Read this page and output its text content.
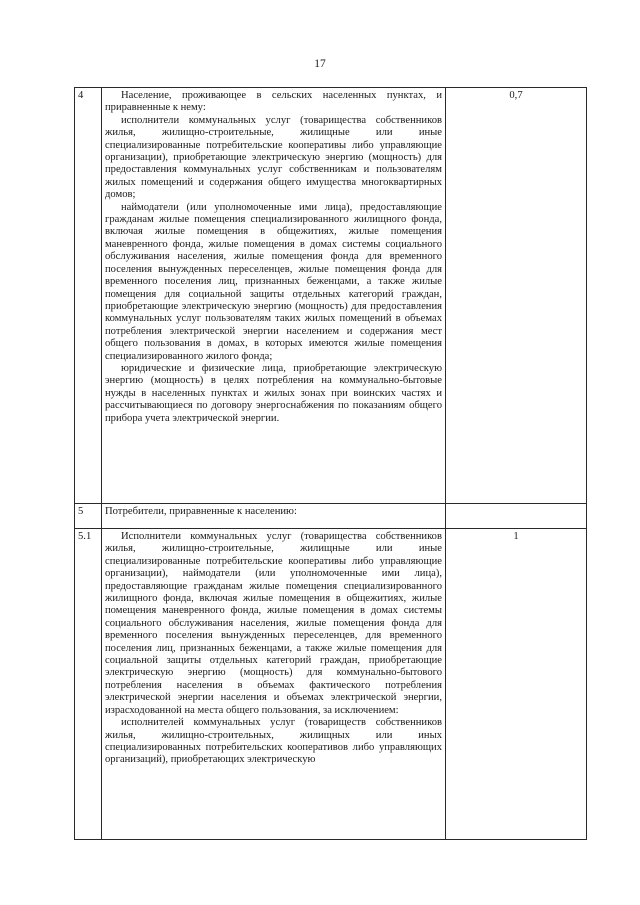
17
4	Население, проживающее в сельских населенных пунктах, и приравненные к нему:

исполнители коммунальных услуг (товарищества собственников жилья, жилищно-строительные, жилищные или иные специализированные потребительские кооперативы либо управляющие организации), приобретающие электрическую энергию (мощность) для предоставления коммунальных услуг собственникам и пользователям жилых помещений и содержания общего имущества многоквартирных домов;

наймодатели (или уполномоченные ими лица), предоставляющие гражданам жилые помещения специализированного жилищного фонда, включая жилые помещения в общежитиях, жилые помещения маневренного фонда, жилые помещения в домах системы социального обслуживания населения, жилые помещения фонда для временного поселения вынужденных переселенцев, жилые помещения фонда для временного поселения лиц, признанных беженцами, а также жилые помещения для социальной защиты отдельных категорий граждан, приобретающие электрическую энергию (мощность) для предоставления коммунальных услуг пользователям таких жилых помещений в объемах потребления электрической энергии населением и содержания мест общего пользования в домах, в которых имеются жилые помещения специализированного жилого фонда;

юридические и физические лица, приобретающие электрическую энергию (мощность) в целях потребления на коммунально-бытовые нужды в населенных пунктах и жилых зонах при воинских частях и рассчитывающиеся по договору энергоснабжения по показаниям общего прибора учета электрической энергии.	0,7
5	Потребители, приравненные к населению:	

5.1	Исполнители коммунальных услуг (товарищества собственников жилья, жилищно-строительные, жилищные или иные специализированные потребительские кооперативы либо управляющие организации), наймодатели (или уполномоченные ими лица), предоставляющие гражданам жилые помещения специализированного жилищного фонда, включая жилые помещения в общежитиях, жилые помещения маневренного фонда, жилые помещения в домах системы социального обслуживания населения, жилые помещения фонда для временного поселения вынужденных переселенцев, для временного поселения лиц, признанных беженцами, а также жилые помещения для социальной защиты отдельных категорий граждан, приобретающие электрическую энергию (мощность) для коммунально-бытового потребления населения в объемах фактического потребления электрической энергии населения и объемах электрической энергии, израсходованной на места общего пользования, за исключением:

исполнителей коммунальных услуг (товариществ собственников жилья, жилищно-строительных, жилищных или иных специализированных потребительских кооперативов либо управляющих организаций), приобретающих электрическую	1
